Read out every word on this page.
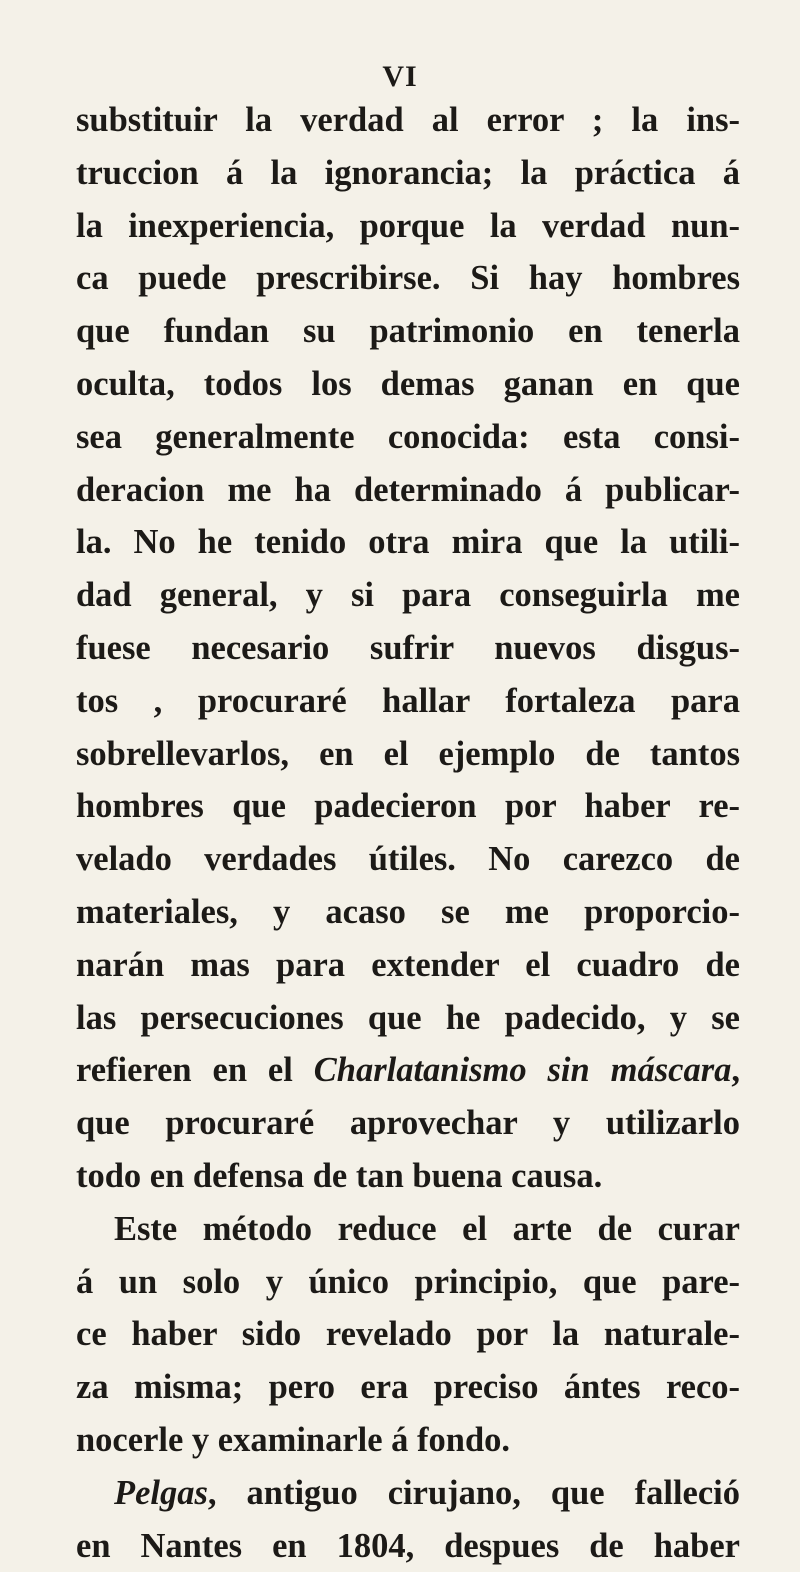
VI
substituir la verdad al error ; la ins-
truccion á la ignorancia; la práctica á
la inexperiencia, porque la verdad nun-
ca puede prescribirse. Si hay hombres
que fundan su patrimonio en tenerla
oculta, todos los demas ganan en que
sea generalmente conocida: esta consi-
deracion me ha determinado á publicar-
la. No he tenido otra mira que la utili-
dad general, y si para conseguirla me
fuese necesario sufrir nuevos disgus-
tos , procuraré hallar fortaleza para
sobrellevarlos, en el ejemplo de tantos
hombres que padecieron por haber re-
velado verdades útiles. No carezco de
materiales, y acaso se me proporcio-
narán mas para extender el cuadro de
las persecuciones que he padecido, y se
refieren en el Charlatanismo sin máscara,
que procuraré aprovechar y utilizarlo
todo en defensa de tan buena causa.
Este método reduce el arte de curar
á un solo y único principio, que pare-
ce haber sido revelado por la naturale-
za misma; pero era preciso ántes reco-
nocerle y examinarle á fondo.
Pelgas, antiguo cirujano, que falleció
en Nantes en 1804, despues de haber
